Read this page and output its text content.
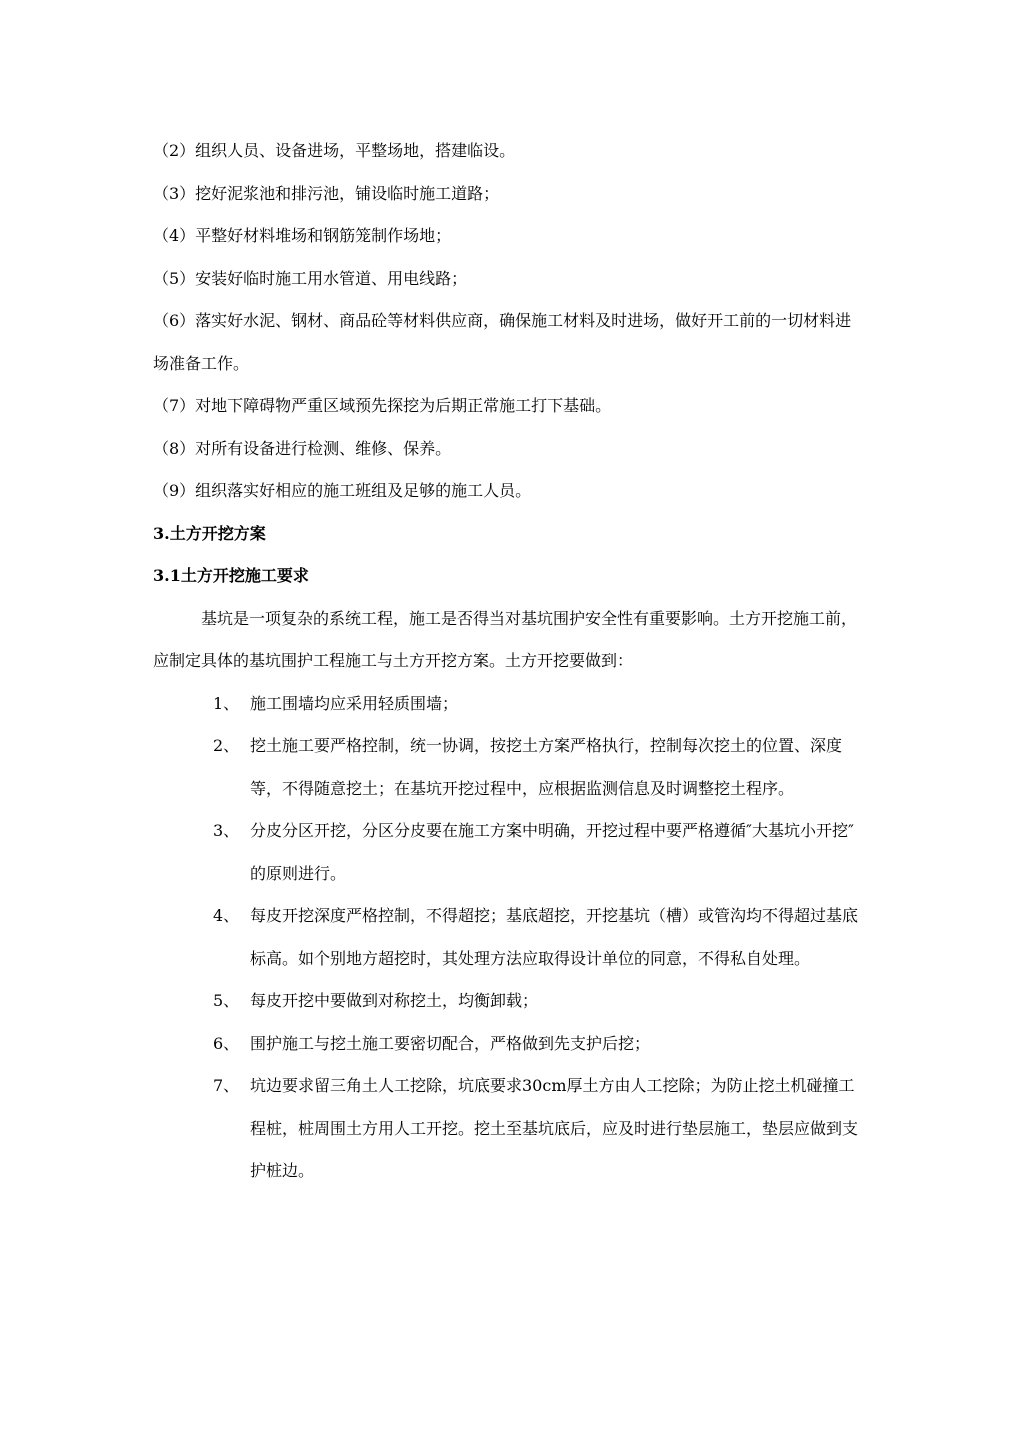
（2）组织人员、设备进场，平整场地，搭建临设。
（3）挖好泥浆池和排污池，铺设临时施工道路；
（4）平整好材料堆场和钢筋笼制作场地；
（5）安装好临时施工用水管道、用电线路；
（6）落实好水泥、钢材、商品砼等材料供应商，确保施工材料及时进场，做好开工前的一切材料进场准备工作。
（7）对地下障碍物严重区域预先探挖为后期正常施工打下基础。
（8）对所有设备进行检测、维修、保养。
（9）组织落实好相应的施工班组及足够的施工人员。
3.土方开挖方案
3.1土方开挖施工要求
基坑是一项复杂的系统工程，施工是否得当对基坑围护安全性有重要影响。土方开挖施工前，应制定具体的基坑围护工程施工与土方开挖方案。土方开挖要做到：
1、 施工围墙均应采用轻质围墙；
2、 挖土施工要严格控制，统一协调，按挖土方案严格执行，控制每次挖土的位置、深度等，不得随意挖土；在基坑开挖过程中，应根据监测信息及时调整挖土程序。
3、 分皮分区开挖，分区分皮要在施工方案中明确，开挖过程中要严格遵循″大基坑小开挖″的原则进行。
4、 每皮开挖深度严格控制，不得超挖；基底超挖，开挖基坑（槽）或管沟均不得超过基底标高。如个别地方超挖时，其处理方法应取得设计单位的同意，不得私自处理。
5、 每皮开挖中要做到对称挖土，均衡卸载；
6、 围护施工与挖土施工要密切配合，严格做到先支护后挖；
7、 坑边要求留三角土人工挖除，坑底要求30cm厚土方由人工挖除；为防止挖土机碰撞工程桩，桩周围土方用人工开挖。挖土至基坑底后，应及时进行垫层施工，垫层应做到支护桩边。
